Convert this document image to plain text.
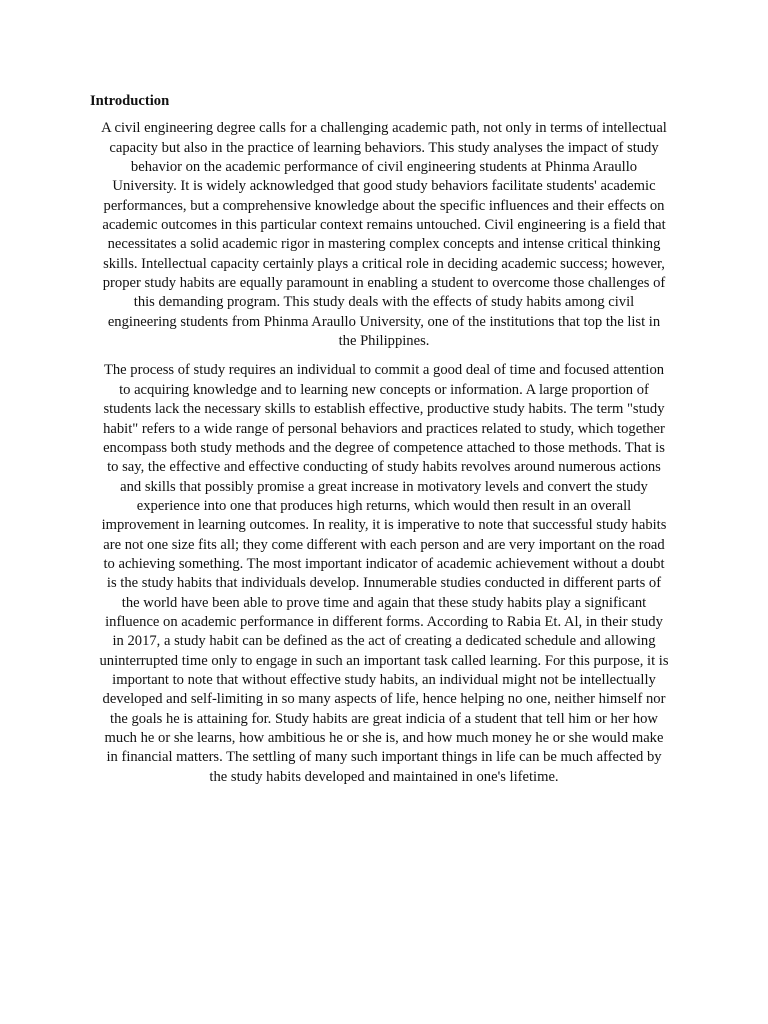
Introduction

A civil engineering degree calls for a challenging academic path, not only in terms of intellectual
capacity but also in the practice of learning behaviors. This study analyses the impact of study
behavior on the academic performance of civil engineering students at Phinma Araullo
University. It is widely acknowledged that good study behaviors facilitate students' academic
performances, but a comprehensive knowledge about the specific influences and their effects on
academic outcomes in this particular context remains untouched. Civil engineering is a field that
necessitates a solid academic rigor in mastering complex concepts and intense critical thinking
skills. Intellectual capacity certainly plays a critical role in deciding academic success; however,
proper study habits are equally paramount in enabling a student to overcome those challenges of
this demanding program. This study deals with the effects of study habits among civil
engineering students from Phinma Araullo University, one of the institutions that top the list in
the Philippines.

The process of study requires an individual to commit a good deal of time and focused attention
to acquiring knowledge and to learning new concepts or information. A large proportion of
students lack the necessary skills to establish effective, productive study habits. The term "study
habit" refers to a wide range of personal behaviors and practices related to study, which together
encompass both study methods and the degree of competence attached to those methods. That is
to say, the effective and effective conducting of study habits revolves around numerous actions
and skills that possibly promise a great increase in motivatory levels and convert the study
experience into one that produces high returns, which would then result in an overall
improvement in learning outcomes. In reality, it is imperative to note that successful study habits
are not one size fits all; they come different with each person and are very important on the road
to achieving something. The most important indicator of academic achievement without a doubt
is the study habits that individuals develop. Innumerable studies conducted in different parts of
the world have been able to prove time and again that these study habits play a significant
influence on academic performance in different forms. According to Rabia Et. Al, in their study
in 2017, a study habit can be defined as the act of creating a dedicated schedule and allowing
uninterrupted time only to engage in such an important task called learning. For this purpose, it is
important to note that without effective study habits, an individual might not be intellectually
developed and self-limiting in so many aspects of life, hence helping no one, neither himself nor
the goals he is attaining for. Study habits are great indicia of a student that tell him or her how
much he or she learns, how ambitious he or she is, and how much money he or she would make
in financial matters. The settling of many such important things in life can be much affected by
the study habits developed and maintained in one's lifetime.
